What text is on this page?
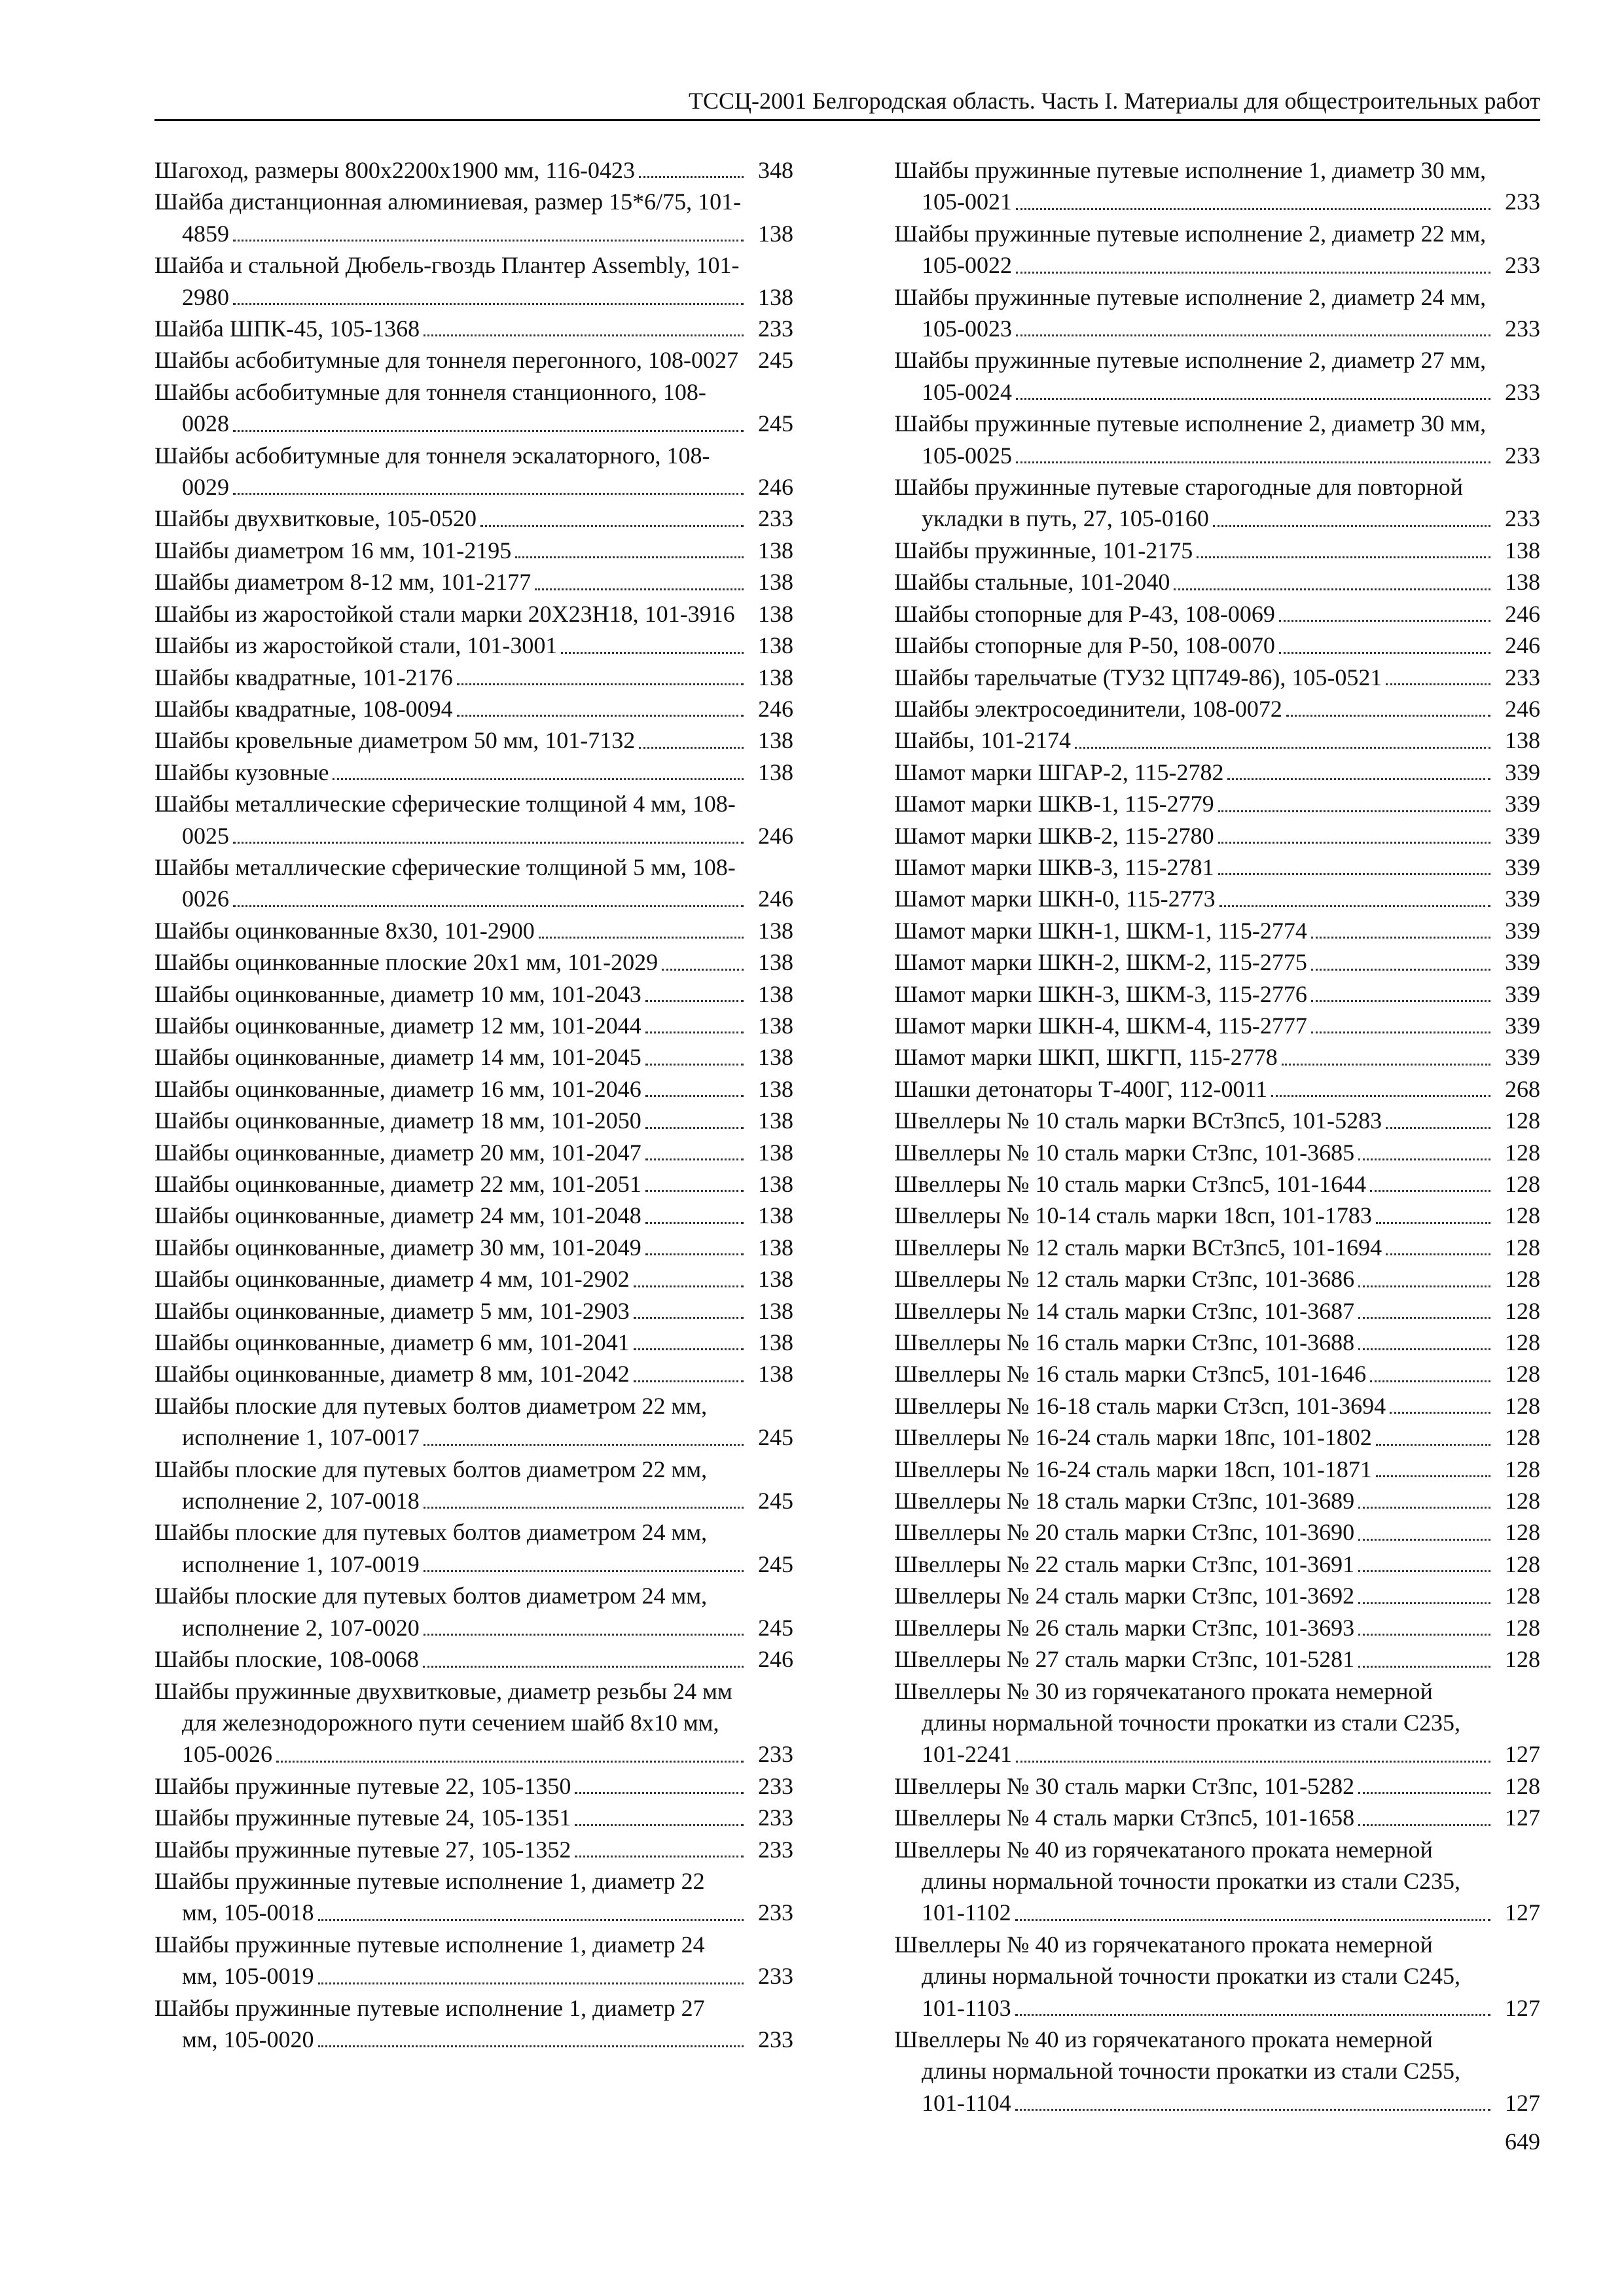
ТССЦ-2001 Белгородская область. Часть I. Материалы для общестроительных работ
Шагоход, размеры 800х2200х1900 мм, 116-0423	348
Шайба дистанционная алюминиевая, размер 15*6/75, 101-4859	138
Шайба и стальной Дюбель-гвоздь Плантер Assembly, 101-2980	138
Шайба ШПК-45, 105-1368	233
Шайбы асбобитумные для тоннеля перегонного, 108-0027 245
Шайбы асбобитумные для тоннеля станционного, 108-0028	245
Шайбы асбобитумные для тоннеля эскалаторного, 108-0029	246
Шайбы двухвитковые, 105-0520	233
Шайбы диаметром 16 мм, 101-2195	138
Шайбы диаметром 8-12 мм, 101-2177	138
Шайбы из жаростойкой стали марки 20Х23Н18, 101-3916 138
Шайбы из жаростойкой стали, 101-3001	138
Шайбы квадратные, 101-2176	138
Шайбы квадратные, 108-0094	246
Шайбы кровельные диаметром 50 мм, 101-7132	138
Шайбы кузовные	138
Шайбы металлические сферические толщиной 4 мм, 108-0025	246
Шайбы металлические сферические толщиной 5 мм, 108-0026	246
Шайбы оцинкованные 8х30, 101-2900	138
Шайбы оцинкованные плоские 20х1 мм, 101-2029	138
Шайбы оцинкованные, диаметр 10 мм, 101-2043	138
Шайбы оцинкованные, диаметр 12 мм, 101-2044	138
Шайбы оцинкованные, диаметр 14 мм, 101-2045	138
Шайбы оцинкованные, диаметр 16 мм, 101-2046	138
Шайбы оцинкованные, диаметр 18 мм, 101-2050	138
Шайбы оцинкованные, диаметр 20 мм, 101-2047	138
Шайбы оцинкованные, диаметр 22 мм, 101-2051	138
Шайбы оцинкованные, диаметр 24 мм, 101-2048	138
Шайбы оцинкованные, диаметр 30 мм, 101-2049	138
Шайбы оцинкованные, диаметр 4 мм, 101-2902	138
Шайбы оцинкованные, диаметр 5 мм, 101-2903	138
Шайбы оцинкованные, диаметр 6 мм, 101-2041	138
Шайбы оцинкованные, диаметр 8 мм, 101-2042	138
Шайбы плоские для путевых болтов диаметром 22 мм, исполнение 1, 107-0017	245
Шайбы плоские для путевых болтов диаметром 22 мм, исполнение 2, 107-0018	245
Шайбы плоские для путевых болтов диаметром 24 мм, исполнение 1, 107-0019	245
Шайбы плоские для путевых болтов диаметром 24 мм, исполнение 2, 107-0020	245
Шайбы плоские, 108-0068	246
Шайбы пружинные двухвитковые, диаметр резьбы 24 мм для железнодорожного пути сечением шайб 8х10 мм, 105-0026	233
Шайбы пружинные путевые 22, 105-1350	233
Шайбы пружинные путевые 24, 105-1351	233
Шайбы пружинные путевые 27, 105-1352	233
Шайбы пружинные путевые исполнение 1, диаметр 22 мм, 105-0018	233
Шайбы пружинные путевые исполнение 1, диаметр 24 мм, 105-0019	233
Шайбы пружинные путевые исполнение 1, диаметр 27 мм, 105-0020	233
Шайбы пружинные путевые исполнение 1, диаметр 30 мм, 105-0021	233
Шайбы пружинные путевые исполнение 2, диаметр 22 мм, 105-0022	233
Шайбы пружинные путевые исполнение 2, диаметр 24 мм, 105-0023	233
Шайбы пружинные путевые исполнение 2, диаметр 27 мм, 105-0024	233
Шайбы пружинные путевые исполнение 2, диаметр 30 мм, 105-0025	233
Шайбы пружинные путевые старогодные для повторной укладки в путь, 27, 105-0160	233
Шайбы пружинные, 101-2175	138
Шайбы стальные, 101-2040	138
Шайбы стопорные для Р-43, 108-0069	246
Шайбы стопорные для Р-50, 108-0070	246
Шайбы тарельчатые (ТУ32 ЦП749-86), 105-0521	233
Шайбы электросоединители, 108-0072	246
Шайбы, 101-2174	138
Шамот марки ШГАР-2, 115-2782	339
Шамот марки ШКВ-1, 115-2779	339
Шамот марки ШКВ-2, 115-2780	339
Шамот марки ШКВ-3, 115-2781	339
Шамот марки ШКН-0, 115-2773	339
Шамот марки ШКН-1, ШКМ-1, 115-2774	339
Шамот марки ШКН-2, ШКМ-2, 115-2775	339
Шамот марки ШКН-3, ШКМ-3, 115-2776	339
Шамот марки ШКН-4, ШКМ-4, 115-2777	339
Шамот марки ШКП, ШКГП, 115-2778	339
Шашки детонаторы Т-400Г, 112-0011	268
Швеллеры № 10 сталь марки ВСт3пс5, 101-5283	128
Швеллеры № 10 сталь марки Ст3пс, 101-3685	128
Швеллеры № 10 сталь марки Ст3пс5, 101-1644	128
Швеллеры № 10-14 сталь марки 18сп, 101-1783	128
Швеллеры № 12 сталь марки ВСт3пс5, 101-1694	128
Швеллеры № 12 сталь марки Ст3пс, 101-3686	128
Швеллеры № 14 сталь марки Ст3пс, 101-3687	128
Швеллеры № 16 сталь марки Ст3пс, 101-3688	128
Швеллеры № 16 сталь марки Ст3пс5, 101-1646	128
Швеллеры № 16-18 сталь марки Ст3сп, 101-3694	128
Швеллеры № 16-24 сталь марки 18пс, 101-1802	128
Швеллеры № 16-24 сталь марки 18сп, 101-1871	128
Швеллеры № 18 сталь марки Ст3пс, 101-3689	128
Швеллеры № 20 сталь марки Ст3пс, 101-3690	128
Швеллеры № 22 сталь марки Ст3пс, 101-3691	128
Швеллеры № 24 сталь марки Ст3пс, 101-3692	128
Швеллеры № 26 сталь марки Ст3пс, 101-3693	128
Швеллеры № 27 сталь марки Ст3пс, 101-5281	128
Швеллеры № 30 из горячекатаного проката немерной длины нормальной точности прокатки из стали С235, 101-2241	127
Швеллеры № 30 сталь марки Ст3пс, 101-5282	128
Швеллеры № 4 сталь марки Ст3пс5, 101-1658	127
Швеллеры № 40 из горячекатаного проката немерной длины нормальной точности прокатки из стали С235, 101-1102	127
Швеллеры № 40 из горячекатаного проката немерной длины нормальной точности прокатки из стали С245, 101-1103	127
Швеллеры № 40 из горячекатаного проката немерной длины нормальной точности прокатки из стали С255, 101-1104	127
649
